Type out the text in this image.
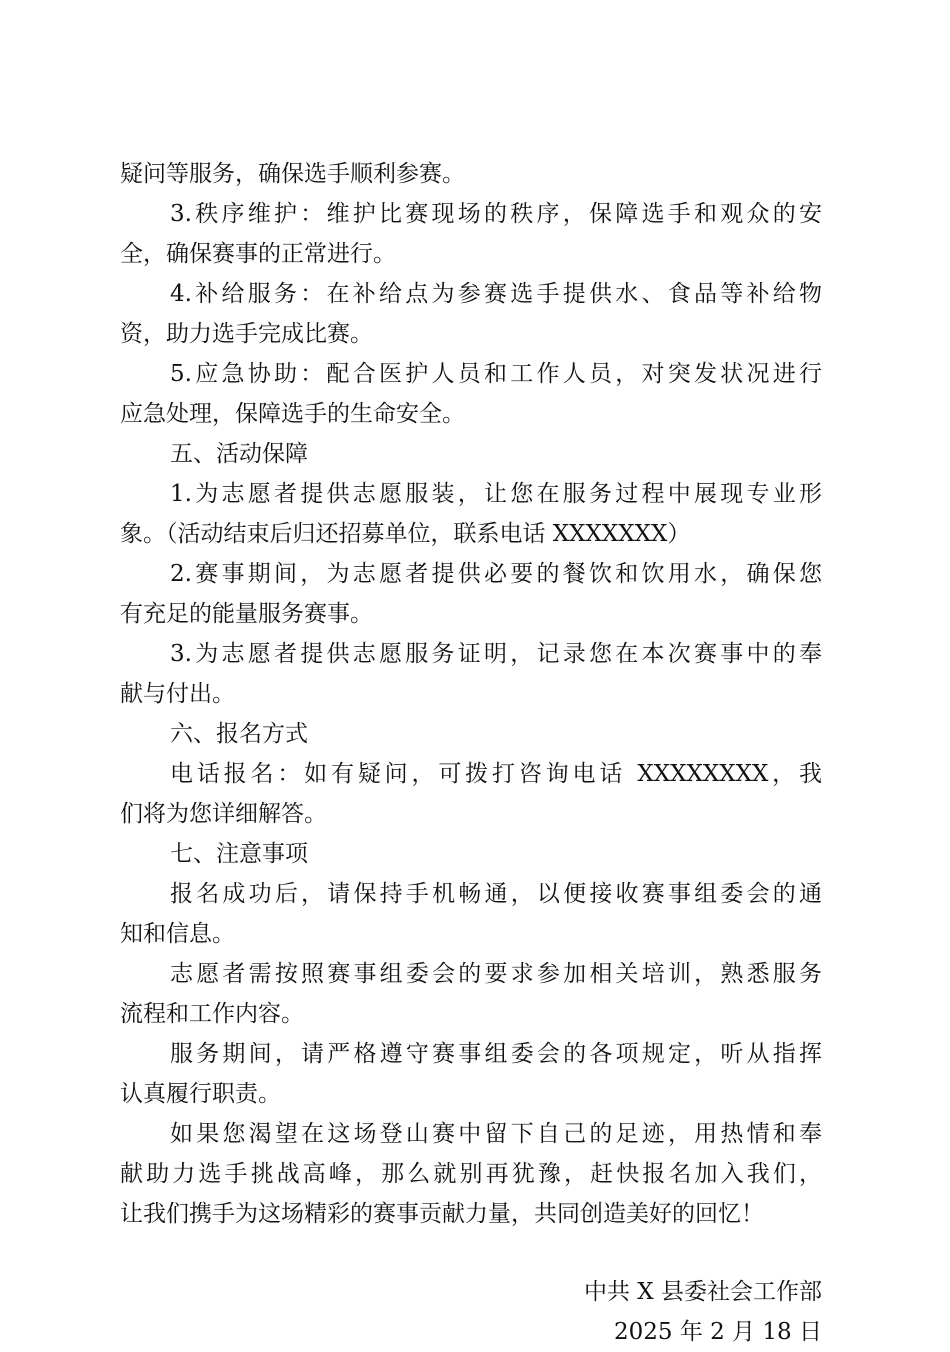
疑问等服务，确保选手顺利参赛。
3.秩序维护：维护比赛现场的秩序，保障选手和观众的安
全，确保赛事的正常进行。
4.补给服务：在补给点为参赛选手提供水、食品等补给物
资，助力选手完成比赛。
5.应急协助：配合医护人员和工作人员，对突发状况进行
应急处理，保障选手的生命安全。
五、活动保障
1.为志愿者提供志愿服装，让您在服务过程中展现专业形
象。（活动结束后归还招募单位，联系电话 XXXXXXX）
2.赛事期间，为志愿者提供必要的餐饮和饮用水，确保您
有充足的能量服务赛事。
3.为志愿者提供志愿服务证明，记录您在本次赛事中的奉
献与付出。
六、报名方式
电话报名：如有疑问，可拨打咨询电话 XXXXXXXX，我
们将为您详细解答。
七、注意事项
报名成功后，请保持手机畅通，以便接收赛事组委会的通
知和信息。
志愿者需按照赛事组委会的要求参加相关培训，熟悉服务
流程和工作内容。
服务期间，请严格遵守赛事组委会的各项规定，听从指挥
认真履行职责。
如果您渴望在这场登山赛中留下自己的足迹，用热情和奉
献助力选手挑战高峰，那么就别再犹豫，赶快报名加入我们，
让我们携手为这场精彩的赛事贡献力量，共同创造美好的回忆！
中共 X 县委社会工作部
2025 年 2 月 18 日
